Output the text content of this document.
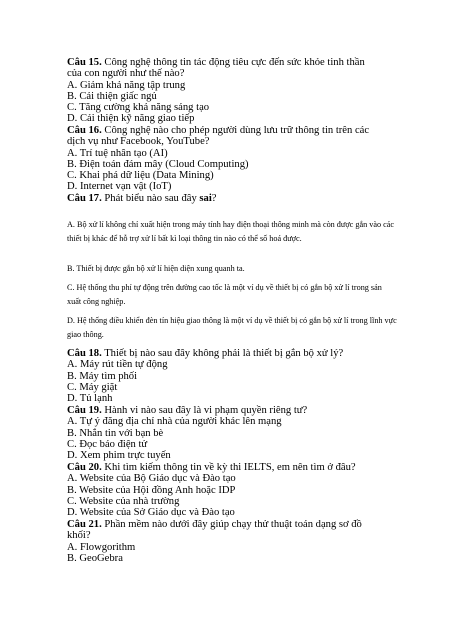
Câu 15. Công nghệ thông tin tác động tiêu cực đến sức khỏe tinh thần
của con người như thế nào?
A. Giảm khả năng tập trung
B. Cải thiện giấc ngủ
C. Tăng cường khả năng sáng tạo
D. Cải thiện kỹ năng giao tiếp
Câu 16. Công nghệ nào cho phép người dùng lưu trữ thông tin trên các
dịch vụ như Facebook, YouTube?
A. Trí tuệ nhân tạo (AI)
B. Điện toán đám mây (Cloud Computing)
C. Khai phá dữ liệu (Data Mining)
D. Internet vạn vật (IoT)
Câu 17. Phát biểu nào sau đây sai?

A. Bộ xử lí không chỉ xuất hiện trong máy tính hay điện thoại thông minh mà còn được gắn vào các thiết bị khác để hỗ trợ xử lí bất kì loại thông tin nào có thể số hoá được.

B. Thiết bị được gắn bộ xử lí hiện diện xung quanh ta.

C. Hệ thống thu phí tự động trên đường cao tốc là một ví dụ về thiết bị có gắn bộ xử lí trong sản xuất công nghiệp.

D. Hệ thống điều khiển đèn tín hiệu giao thông là một ví dụ về thiết bị có gắn bộ xử lí trong lĩnh vực giao thông.

Câu 18. Thiết bị nào sau đây không phải là thiết bị gắn bộ xử lý?
A. Máy rút tiền tự động
B. Máy tìm phối
C. Máy giặt
D. Tủ lạnh
Câu 19. Hành vi nào sau đây là vi phạm quyền riêng tư?
A. Tự ý đăng địa chỉ nhà của người khác lên mạng
B. Nhắn tin với bạn bè
C. Đọc báo điện tử
D. Xem phim trực tuyến
Câu 20. Khi tìm kiếm thông tin về kỳ thi IELTS, em nên tìm ở đâu?
A. Website của Bộ Giáo dục và Đào tạo
B. Website của Hội đồng Anh hoặc IDP
C. Website của nhà trường
D. Website của Sở Giáo dục và Đào tạo
Câu 21. Phần mềm nào dưới đây giúp chạy thử thuật toán dạng sơ đồ
khối?
A. Flowgorithm
B. GeoGebra
